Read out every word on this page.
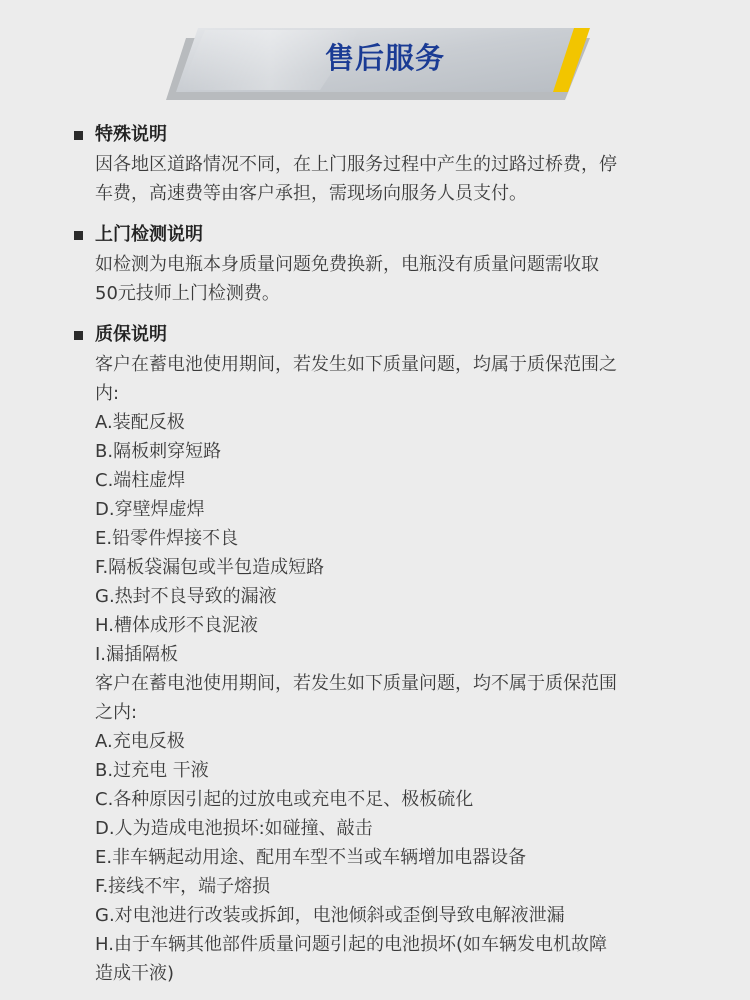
售后服务
特殊说明
因各地区道路情况不同，在上门服务过程中产生的过路过桥费，停
车费，高速费等由客户承担，需现场向服务人员支付。
上门检测说明
如检测为电瓶本身质量问题免费换新，电瓶没有质量问题需收取
50元技师上门检测费。
质保说明
客户在蓄电池使用期间，若发生如下质量问题，均属于质保范围之
内:
A.装配反极
B.隔板刺穿短路
C.端柱虚焊
D.穿壁焊虚焊
E.铅零件焊接不良
F.隔板袋漏包或半包造成短路
G.热封不良导致的漏液
H.槽体成形不良泥液
I.漏插隔板
客户在蓄电池使用期间，若发生如下质量问题，均不属于质保范围
之内:
A.充电反极
B.过充电 干液
C.各种原因引起的过放电或充电不足、极板硫化
D.人为造成电池损坏:如碰撞、敲击
E.非车辆起动用途、配用车型不当或车辆增加电器设备
F.接线不牢，端子熔损
G.对电池进行改装或拆卸，电池倾斜或歪倒导致电解液泄漏
H.由于车辆其他部件质量问题引起的电池损坏(如车辆发电机故障
造成干液)
